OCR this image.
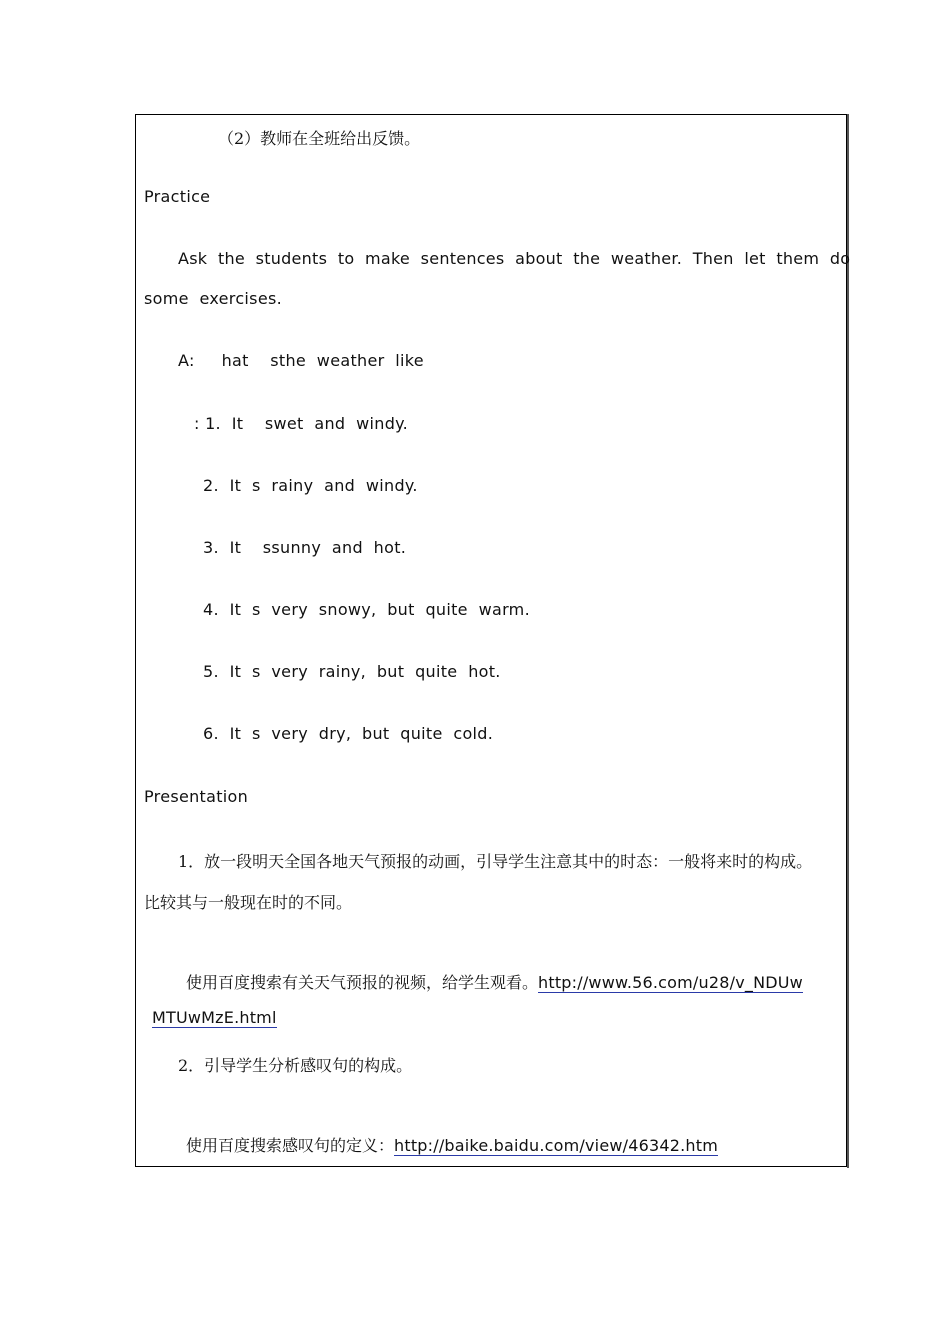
（2）教师在全班给出反馈。
Practice
Ask  the  students  to  make  sentences  about  the  weather.  Then  let  them  do
some  exercises.
A:     hat    sthe  weather  like
: 1.  It    swet  and  windy.
2.  It  s  rainy  and  windy.
3.  It    ssunny  and  hot.
4.  It  s  very  snowy,  but  quite  warm.
5.  It  s  very  rainy,  but  quite  hot.
6.  It  s  very  dry,  but  quite  cold.
Presentation
1．放一段明天全国各地天气预报的动画，引导学生注意其中的时态：一般将来时的构成。
比较其与一般现在时的不同。

使用百度搜索有关天气预报的视频，给学生观看。http://www.56.com/u28/v_NDUw

MTUwMzE.html

2．引导学生分析感叹句的构成。

使用百度搜索感叹句的定义：http://baike.baidu.com/view/46342.htm
